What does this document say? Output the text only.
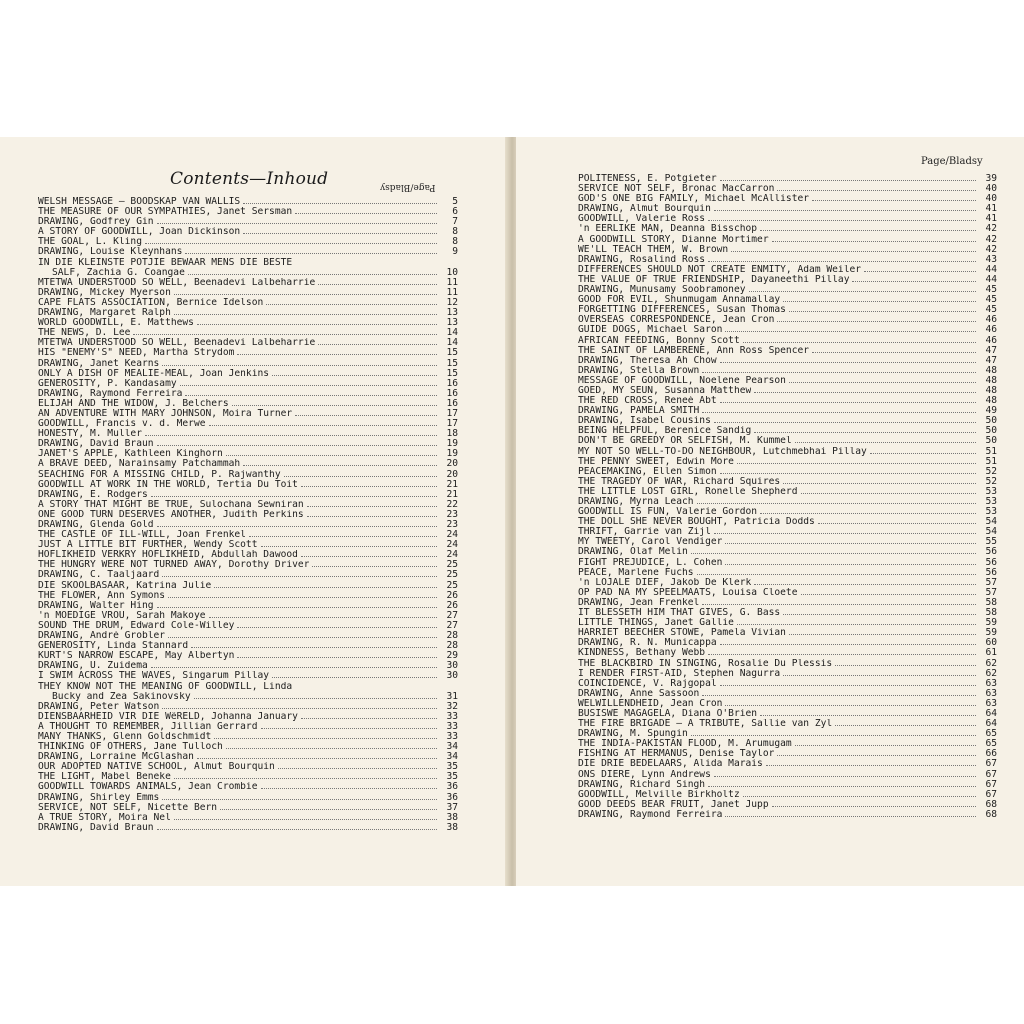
Contents—Inhoud	Page/Bladsy
WELSH MESSAGE — BOODSKAP VAN WALLIS	5
THE MEASURE OF OUR SYMPATHIES, Janet Sersman	6
DRAWING, Godfrey Gin	7
A STORY OF GOODWILL, Joan Dickinson	8
THE GOAL, L. Kling	8
DRAWING, Louise Kleynhans	9
IN DIE KLEINSTE POTJIE BEWAAR MENS DIE BESTE
SALF, Zachia G. Coangae	10
MTETWA UNDERSTOOD SO WELL, Beenadevi Lalbeharrie	11
DRAWING, Mickey Myerson	11
CAPE FLATS ASSOCIATION, Bernice Idelson	12
DRAWING, Margaret Ralph	13
WORLD GOODWILL, E. Matthews	13
THE NEWS, D. Lee	14
MTETWA UNDERSTOOD SO WELL, Beenadevi Lalbeharrie	14
HIS "ENEMY'S" NEED, Martha Strydom	15
DRAWING, Janet Kearns	15
ONLY A DISH OF MEALIE-MEAL, Joan Jenkins	15
GENEROSITY, P. Kandasamy	16
DRAWING, Raymond Ferreira	16
ELIJAH AND THE WIDOW, J. Belchers	16
AN ADVENTURE WITH MARY JOHNSON, Moira Turner	17
GOODWILL, Francis v. d. Merwe	17
HONESTY, M. Muller	18
DRAWING, David Braun	19
JANET'S APPLE, Kathleen Kinghorn	19
A BRAVE DEED, Narainsamy Patchammah	20
SEACHING FOR A MISSING CHILD, P. Rajwanthy	20
GOODWILL AT WORK IN THE WORLD, Tertia Du Toit	21
DRAWING, E. Rodgers	21
A STORY THAT MIGHT BE TRUE, Sulochana Sewniran	22
ONE GOOD TURN DESERVES ANOTHER, Judith Perkins	23
DRAWING, Glenda Gold	23
THE CASTLE OF ILL-WILL, Joan Frenkel	24
JUST A LITTLE BIT FURTHER, Wendy Scott	24
HOFLIKHEID VERKRY HOFLIKHEID, Abdullah Dawood	24
THE HUNGRY WERE NOT TURNED AWAY, Dorothy Driver	25
DRAWING, C. Taaljaard	25
DIE SKOOLBASAAR, Katrina Julie	25
THE FLOWER, Ann Symons	26
DRAWING, Walter Hing	26
'n MOEDIGE VROU, Sarah Makoye	27
SOUND THE DRUM, Edward Cole-Willey	27
DRAWING, André Grobler	28
GENEROSITY, Linda Stannard	28
KURT'S NARROW ESCAPE, May Albertyn	29
DRAWING, U. Zuidema	30
I SWIM ACROSS THE WAVES, Singarum Pillay	30
THEY KNOW NOT THE MEANING OF GOODWILL, Linda
Bucky and Zea Sakinovsky	31
DRAWING, Peter Watson	32
DIENSBAARHEID VIR DIE WêRELD, Johanna January	33
A THOUGHT TO REMEMBER, Jillian Gerrard	33
MANY THANKS, Glenn Goldschmidt	33
THINKING OF OTHERS, Jane Tulloch	34
DRAWING, Lorraine McGlashan	34
OUR ADOPTED NATIVE SCHOOL, Almut Bourquin	35
THE LIGHT, Mabel Beneke	35
GOODWILL TOWARDS ANIMALS, Jean Crombie	36
DRAWING, Shirley Emms	36
SERVICE, NOT SELF, Nicette Bern	37
A TRUE STORY, Moira Nel	38
DRAWING, David Braun	38
Page/Bladsy
POLITENESS, E. Potgieter	39
SERVICE NOT SELF, Bronac MacCarron	40
GOD'S ONE BIG FAMILY, Michael McAllister	40
DRAWING, Almut Bourquin	41
GOODWILL, Valerie Ross	41
'n EERLIKE MAN, Deanna Bisschop	42
A GOODWILL STORY, Dianne Mortimer	42
WE'LL TEACH THEM, W. Brown	42
DRAWING, Rosalind Ross	43
DIFFERENCES SHOULD NOT CREATE ENMITY, Adam Weiler	44
THE VALUE OF TRUE FRIENDSHIP, Dayaneethi Pillay	44
DRAWING, Munusamy Soobramoney	45
GOOD FOR EVIL, Shunmugam Annamallay	45
FORGETTING DIFFERENCES, Susan Thomas	45
OVERSEAS CORRESPONDENCE, Jean Cron	46
GUIDE DOGS, Michael Saron	46
AFRICAN FEEDING, Bonny Scott	46
THE SAINT OF LAMBERENE, Ann Ross Spencer	47
DRAWING, Theresa Ah Chow	47
DRAWING, Stella Brown	48
MESSAGE OF GOODWILL, Noelene Pearson	48
GOED, MY SEUN, Susanna Matthew	48
THE RED CROSS, Reneé Abt	48
DRAWING, PAMELA SMITH	49
DRAWING, Isabel Cousins	50
BEING HELPFUL, Berenice Sandig	50
DON'T BE GREEDY OR SELFISH, M. Kummel	50
MY NOT SO WELL-TO-DO NEIGHBOUR, Lutchmebhai Pillay	51
THE PENNY SWEET, Edwin More	51
PEACEMAKING, Ellen Simon	52
THE TRAGEDY OF WAR, Richard Squires	52
THE LITTLE LOST GIRL, Ronelle Shepherd	53
DRAWING, Myrna Leach	53
GOODWILL IS FUN, Valerie Gordon	53
THE DOLL SHE NEVER BOUGHT, Patricia Dodds	54
THRIFT, Garrie van Zijl	54
MY TWEETY, Carol Vendiger	55
DRAWING, Olaf Melin	56
FIGHT PREJUDICE, L. Cohen	56
PEACE, Marlene Fuchs	56
'n LOJALE DIEF, Jakob De Klerk	57
OP PAD NA MY SPEELMAATS, Louisa Cloete	57
DRAWING, Jean Frenkel	58
IT BLESSETH HIM THAT GIVES, G. Bass	58
LITTLE THINGS, Janet Gallie	59
HARRIET BEECHER STOWE, Pamela Vivian	59
DRAWING, R. N. Municappa	60
KINDNESS, Bethany Webb	61
THE BLACKBIRD IN SINGING, Rosalie Du Plessis	62
I RENDER FIRST-AID, Stephen Nagurra	62
COINCIDENCE, V. Rajgopal	63
DRAWING, Anne Sassoon	63
WELWILLENDHEID, Jean Cron	63
BUSISWE MAGAGELA, Diana O'Brien	64
THE FIRE BRIGADE — A TRIBUTE, Sallie van Zyl	64
DRAWING, M. Spungin	65
THE INDIA-PAKISTAN FLOOD, M. Arumugam	65
FISHING AT HERMANUS, Denise Taylor	66
DIE DRIE BEDELAARS, Alida Marais	67
ONS DIERE, Lynn Andrews	67
DRAWING, Richard Singh	67
GOODWILL, Melville Birkholtz	67
GOOD DEEDS BEAR FRUIT, Janet Jupp	68
DRAWING, Raymond Ferreira	68
